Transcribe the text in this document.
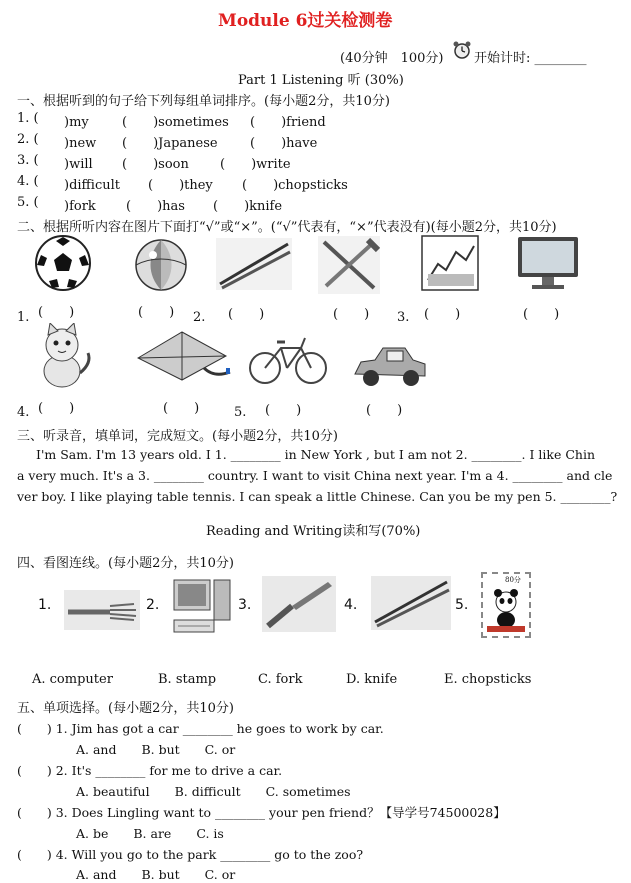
Module 6过关检测卷
(40分钟　100分) 开始计时: ________
Part 1 Listening 听 (30%)
一、根据听到的句子给下列每组单词排序。(每小题2分，共10分)
1. ( 　　)my	(　　)sometimes (　　)friend
2. ( 　　)new (　　)Japanese (　　)have
3. ( 　　)will (　　)soon (　　)write
4. ( 　　)difficult (　　)they (　　)chopsticks
5. ( 　　)fork (　　)has (　　)knife
二、根据所听内容在图片下面打“√”或“×”。(“√”代表有，“×”代表没有)(每小题2分，共10分)
1. (　　)	(　　) 2. (　　)	(　　) 3. (　　)	(　　)
4. (　　)	(　　)	5. (　　)	(　　)
三、听录音，填单词，完成短文。(每小题2分，共10分)
I'm Sam. I'm 13 years old. I 1. ________ in New York , but I am not 2. ________. I like Chin
a very much. It's a 3. ________ country. I want to visit China next year. I'm a 4. ________ and cle
ver boy. I like playing table tennis. I can speak a little Chinese. Can you be my pen 5. ________?
Reading and Writing读和写(70%)
四、看图连线。(每小题2分，共10分)
1.	2.	3.	4.	5.
80分
A. computer	B. stamp	C. fork	D. knife	E. chopsticks
五、单项选择。(每小题2分，共10分)
(　　) 1. Jim has got a car ________ he goes to work by car.
A. and　　B. but　　C. or
(　　) 2. It's ________ for me to drive a car.
A. beautiful　　B. difficult　　C. sometimes
(　　) 3. Does Lingling want to ________ your pen friend？【导学号74500028】
A. be　　B. are　　C. is
(　　) 4. Will you go to the park ________ go to the zoo?
A. and　　B. but　　C. or
